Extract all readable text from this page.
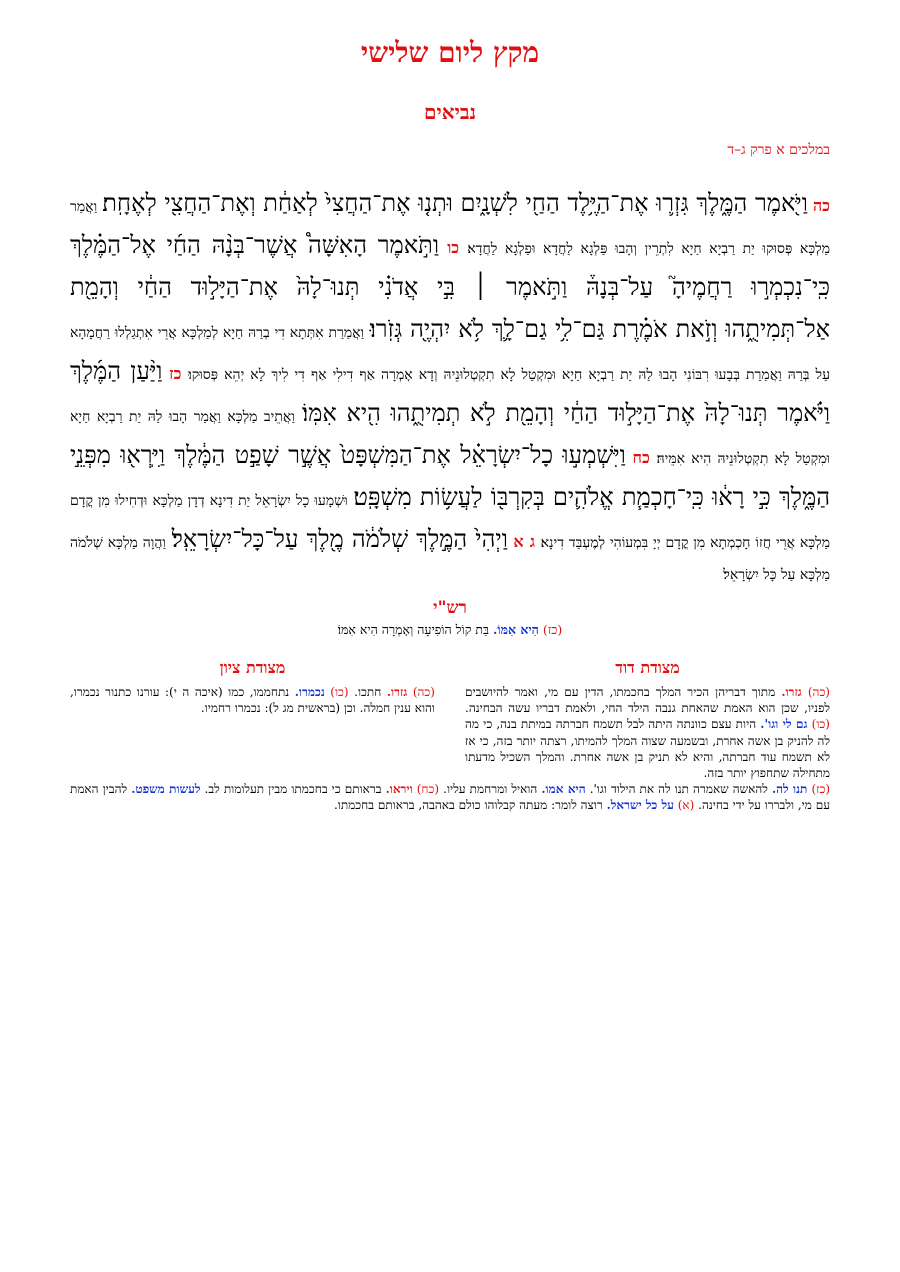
מקץ ליום שלישי
נביאים
במלכים א פרק ג–ד
כה וַיֹּ֖אמֶר הַמֶּ֑לֶךְ גִּזְר֛וּ אֶת־הַיֶּ֥לֶד הַחַ֖י לִשְׁנָ֑יִם וּתְנ֤וּ אֶת־הַחֲצִי֙ לְאַחַ֔ת וְאֶת־הַחֲצִ֖י לְאֶחָֽת׃ וַאֲמַר מַלְכָּא פְּסוּקוּ יַת רַבְיָא חַיָא לִתְרֵין וְהָבוּ פַּלְגָא לַחֲדָא וּפַלְגָא לַחֲדָא׃ כו וַתֹּ֣אמֶר הָאִשָּׁה֩ אֲשֶׁר־בְּנָ֨הּ הַחַ֜י אֶל־הַמֶּ֗לֶךְ כִּֽי־נִכְמְר֣וּ רַחֲמֶיהָ֮ עַל־בְּנָהּ֒ וַתֹּ֣אמֶר ׀ בִּ֣י אֲדֹנִ֗י תְּנוּ־לָהּ֙ אֶת־הַיָּל֣וּד הַחַ֔י וְהָמֵ֖ת אַל־תְּמִיתֻ֑הוּ וְזֹ֣את אֹמֶ֗רֶת גַּם־לִ֥י גַם־לָ֛ךְ לֹ֥א יִהְיֶ֖ה גְּזֹֽרוּ׃ וַאֲמַרַת אִתְּתָא דִי בְרַהּ חַיָא לְמַלְכָּא אֲרֵי אִתְגַלְלוּ רַחֲמָהָא עַל בְּרַהּ וַאֲמַרַת בְּבָעוּ רִבּוֹנִי הָבוּ לַהּ יַת רַבְיָא חַיָא וּמִקְטַל לָא תִקְטְלוּנֵיהּ וְדָא אָמְרָה אַף דִילִי אַף דִי לִיךְ לָא יְהֵא פְּסוּקוּ׃ כז וַיַּ֨עַן הַמֶּ֜לֶךְ וַיֹּ֗אמֶר תְּנוּ־לָהּ֙ אֶת־הַיָּל֣וּד הַחַ֔י וְהָמֵ֖ת לֹ֣א תְמִיתֻ֑הוּ הִ֖יא אִמּֽוֹ׃ וַאֲתֵיב מַלְכָּא וַאֲמַר הָבוּ לַהּ יַת רַבְיָא חַיָא וּמִקְטַל לָא תִקְטְלוּנֵיהּ הִיא אִמֵּיהּ׃ כח וַיִּשְׁמְע֣וּ כָל־יִשְׂרָאֵ֗ל אֶת־הַמִּשְׁפָּט֙ אֲשֶׁ֣ר שָׁפַ֣ט הַמֶּ֔לֶךְ וַיִּֽרְא֖וּ מִפְּנֵ֣י הַמֶּ֑לֶךְ כִּ֣י רָא֔וּ כִּֽי־חָכְמַ֧ת אֱלֹהִ֛ים בְּקִרְבּ֖וֹ לַעֲשׂ֥וֹת מִשְׁפָּֽט׃ וּשְׁמָעוּ כָל יִשְׂרָאֵל יַת דִינָא דְדָן מַלְכָּא וּדְחִילוּ מִן קֳדָם מַלְכָּא אֲרֵי חֲזוֹ חָכְמְתָא מִן קֳדָם יְיָ בִּמְעוֹהִי לְמֶעְבַּד דִינָא׃ ג א וַיְהִי֙ הַמֶּ֣לֶךְ שְׁלֹמֹ֔ה מֶ֖לֶךְ עַל־כָּל־יִשְׂרָאֵֽל׃ וַהֲוָה מַלְכָּא שְׁלֹמֹה מַלְכָּא עַל כָּל יִשְׂרָאֵל׃
רש"י
(כז) הִיא אִמּוֹ. בַּת קוֹל הוֹפִיעָה וְאָמְרָה הִיא אִמּוֹ׃
מצודת דוד
(כה) גזרו. מתוך דבריהן הכיר המלך בחכמתו, הדין עם מי, ואמר להיושבים לפניו, שכן הוא האמת שהאחת גנבה הילד החי, ולאמת דבריו עשה הבחינה. (כו) גם לי וגו'. היות עצם כוונתה היתה לבל תשמח חברתה במיתת בנה, כי מה לה להניק בן אשה אחרת, ובשמעה שצוה המלך להמיתו, רצתה יותר בזה, כי אז לא תשמח עוד חברתה, והיא לא תניק בן אשה אחרת. והמלך השכיל מדעתו מתחילה שתחפוץ יותר בזה.
מצודת ציון
(כה) גזרו. חתכו. (כו) נכמרו. נתחממו, כמו (איכה ה י): עורנו כתנור נכמרו, והוא ענין חמלה. וכן (בראשית מג ל): נכמרו רחמיו.
(כז) תנו לה. להאשה שאמרה תנו לה את הילוד וגו'. היא אמו. הואיל ומרחמת עליו. (כח) ויראו. בראותם כי בחכמתו מבין תעלומות לב. לעשות משפט. להבין האמת עם מי, ולבררו על ידי בחינה. (א) על כל ישראל. רוצה לומר: מעתה קבלוהו כולם באהבה, בראותם בחכמתו.
